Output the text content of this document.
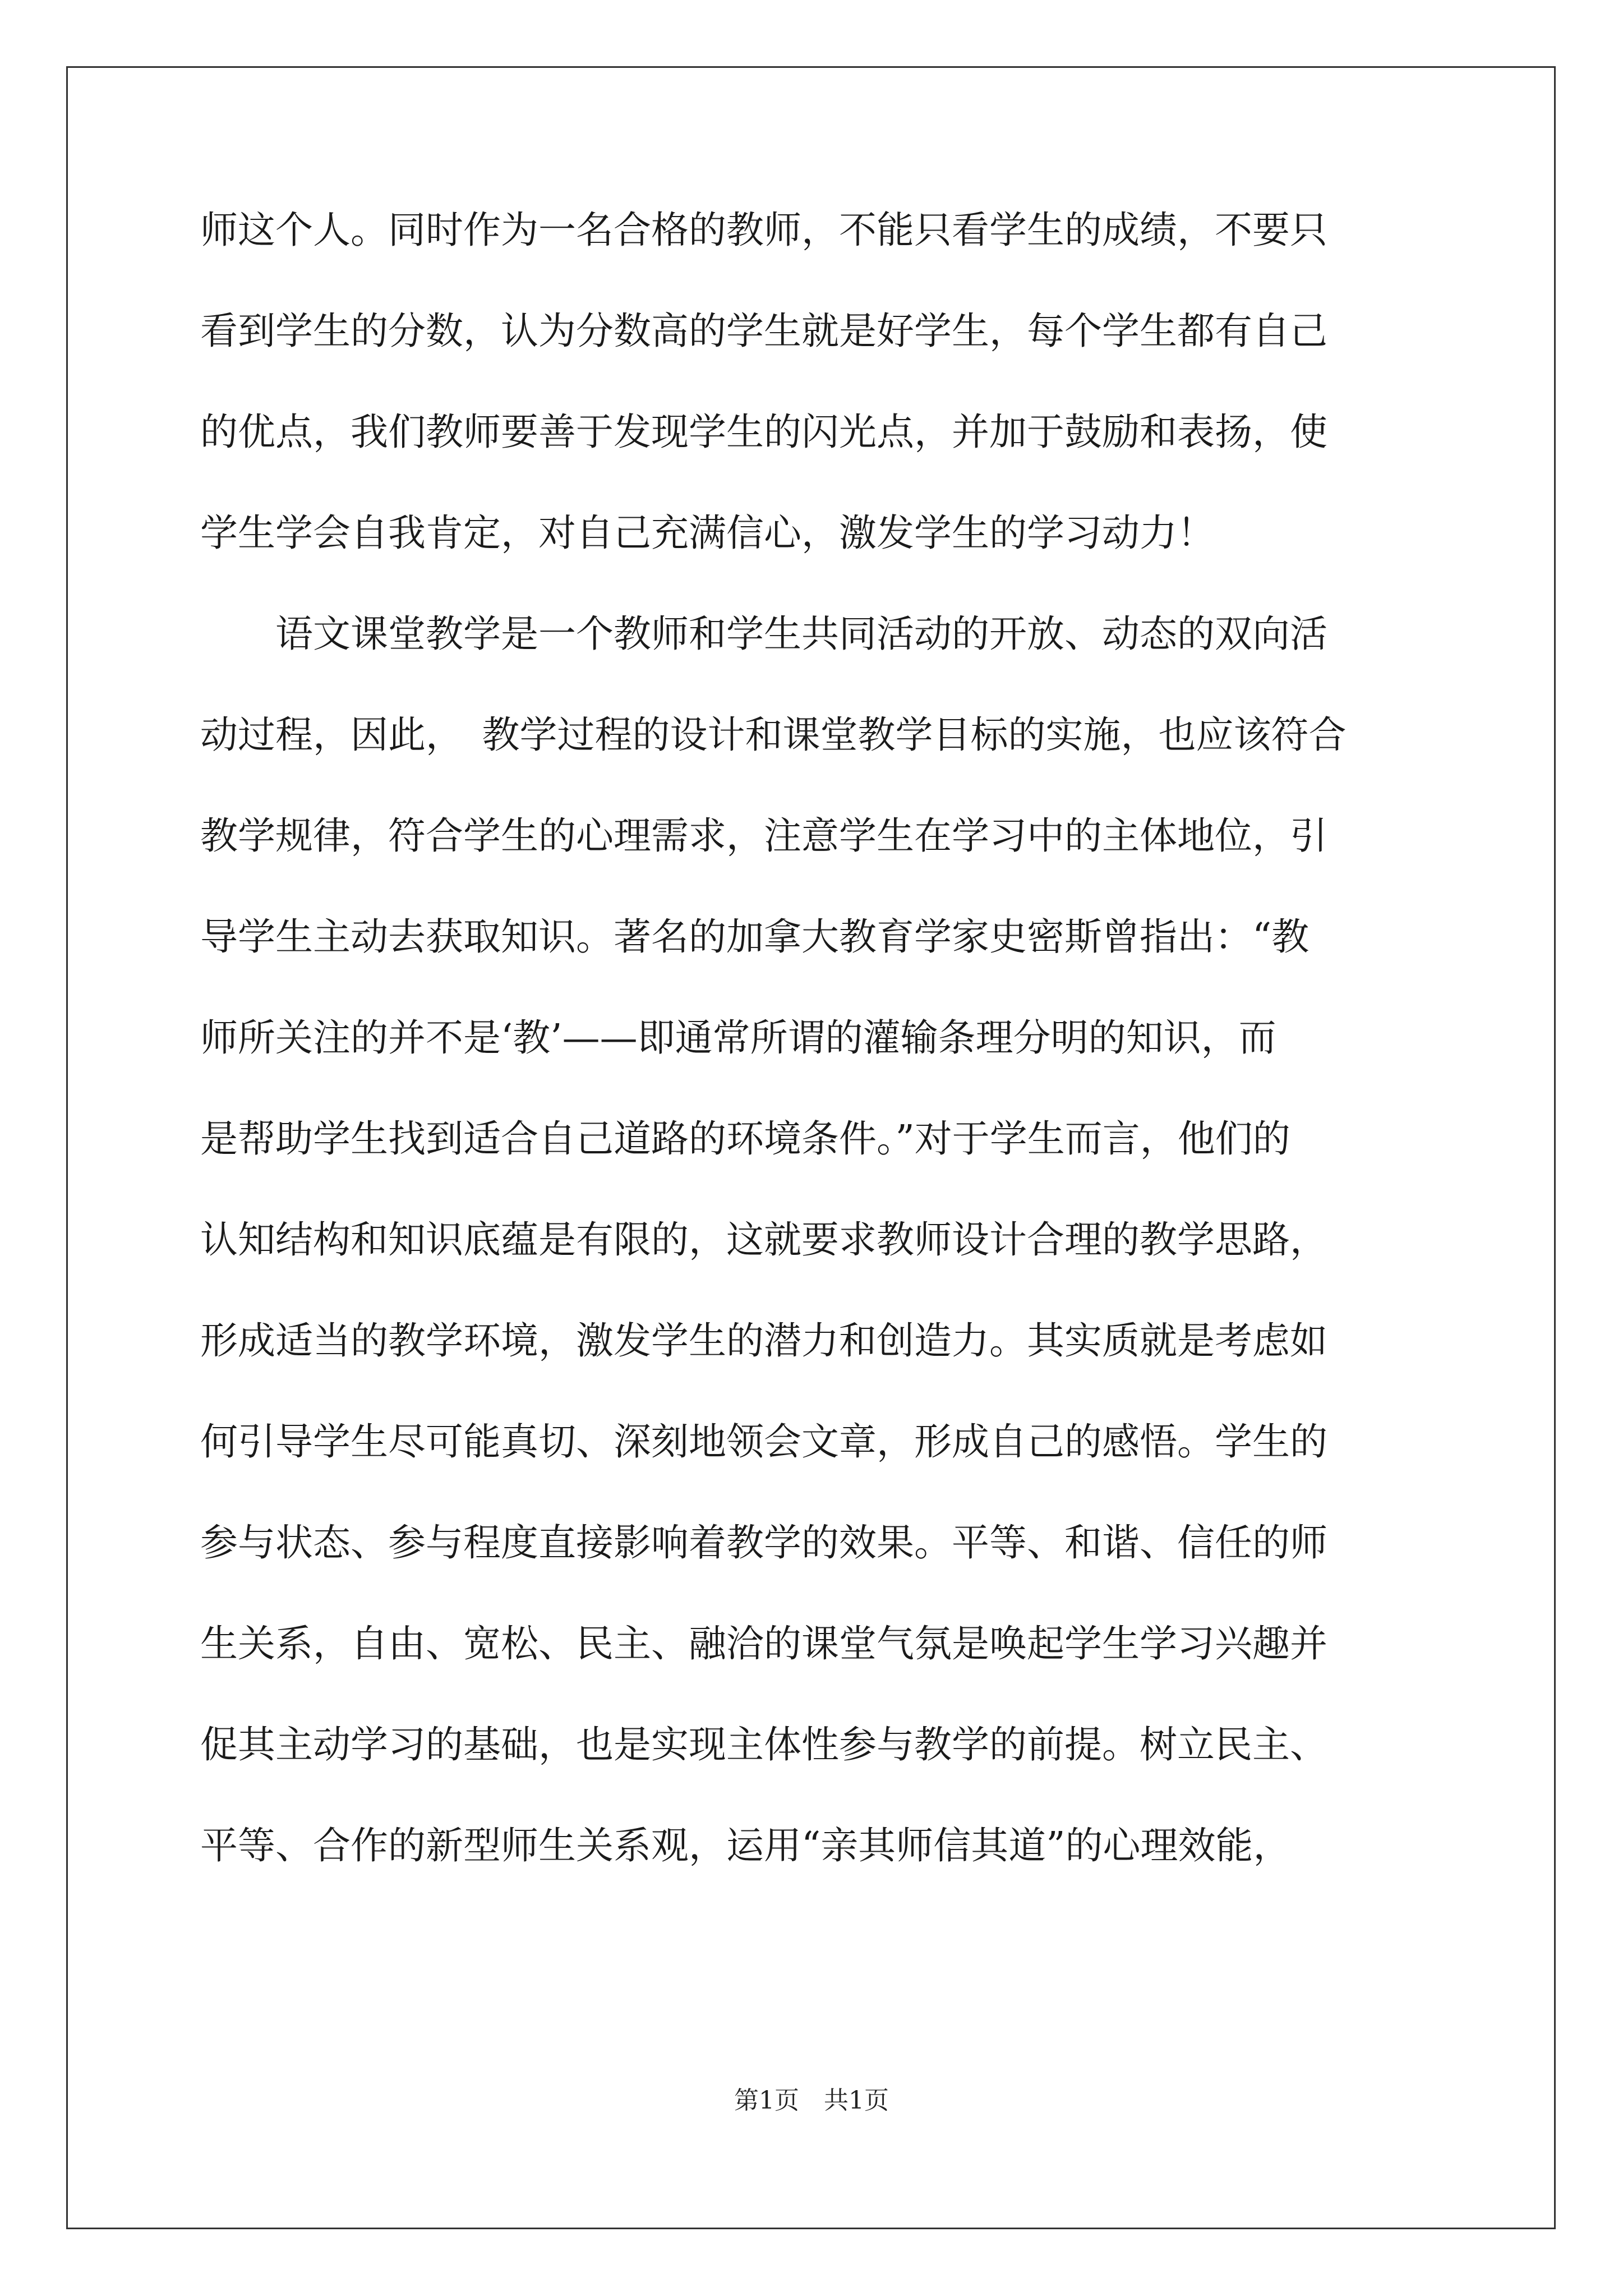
师这个人。同时作为一名合格的教师，不能只看学生的成绩，不要只
看到学生的分数，认为分数高的学生就是好学生，每个学生都有自己
的优点，我们教师要善于发现学生的闪光点，并加于鼓励和表扬，使
学生学会自我肯定，对自己充满信心，激发学生的学习动力！
　　语文课堂教学是一个教师和学生共同活动的开放、动态的双向活
动过程，因此，　教学过程的设计和课堂教学目标的实施，也应该符合
教学规律，符合学生的心理需求，注意学生在学习中的主体地位，引
导学生主动去获取知识。著名的加拿大教育学家史密斯曾指出：“教
师所关注的并不是‘教’——即通常所谓的灌输条理分明的知识，而
是帮助学生找到适合自己道路的环境条件。”对于学生而言，他们的
认知结构和知识底蕴是有限的，这就要求教师设计合理的教学思路，
形成适当的教学环境，激发学生的潜力和创造力。其实质就是考虑如
何引导学生尽可能真切、深刻地领会文章，形成自己的感悟。学生的
参与状态、参与程度直接影响着教学的效果。平等、和谐、信任的师
生关系，自由、宽松、民主、融洽的课堂气氛是唤起学生学习兴趣并
促其主动学习的基础，也是实现主体性参与教学的前提。树立民主、
平等、合作的新型师生关系观，运用“亲其师信其道”的心理效能，
第1页　共1页
